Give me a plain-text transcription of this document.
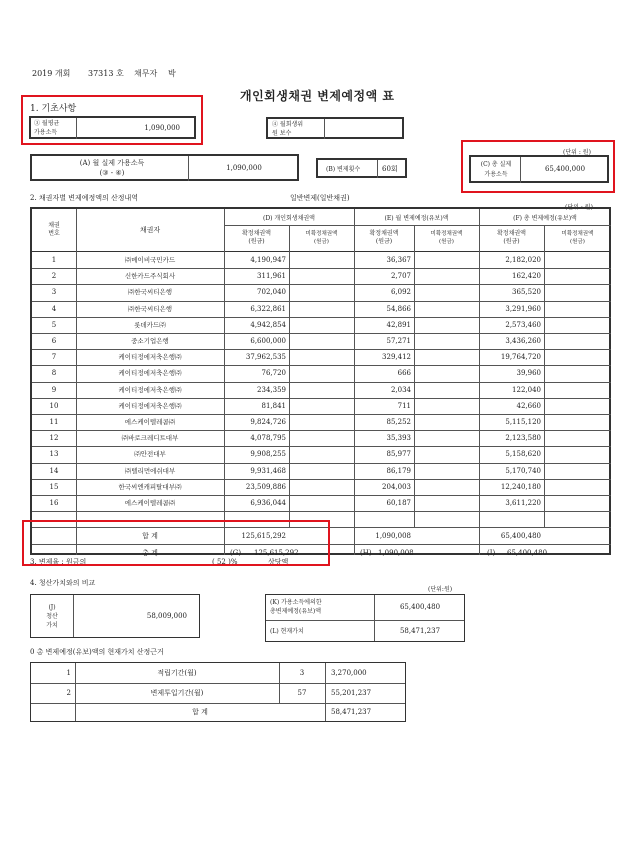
2019 개회 37313 호 채무자 박
개인회생채권 변제예정액 표
1. 기초사항
③ 월평균
가용소득
1,090,000	④ 월회생위
원 보수
(A) 월 실제 가용소득
(③ - ④)
1,090,000	(B) 변제횟수	60회
(단위 : 원)
(C) 총 실제
가용소득
65,400,000
2. 채권자별 변제예정액의 산정내역	일반변제(일반채권)
(단위 : 원)
채권
번호	채권자
(D) 개인회생채권액	(E) 월 변제예정(유보)액	(F) 총 변제예정(유보)액
확정채권액
(원금)
미확정채권액
(원금)
확정채권액
(원금)
미확정채권액
(원금)
확정채권액
(원금)
미확정채권액
(원금)
1	㈜메이비국민카드	4,190,947	36,367	2,182,020
2	신한카드주식회사	311,961	2,707	162,420
3	㈜한국씨티은행	702,040	6,092	365,520
4	㈜한국씨티은행	6,322,861	54,866	3,291,960
5	롯데카드㈜	4,942,854	42,891	2,573,460
6	중소기업은행	6,600,000	57,271	3,436,260
7	케이티정에저축은행㈜	37,962,535	329,412	19,764,720
8	케이티정에저축은행㈜	76,720	666	39,960
9	케이티정에저축은행㈜	234,359	2,034	122,040
10	케이티정에저축은행㈜	81,841	711	42,660
11	에스케이텔레콤㈜	9,824,726	85,252	5,115,120
12	㈜바로크레디트대부	4,078,795	35,393	2,123,580
13	㈜안전대부	9,908,255	85,977	5,158,620
14	㈜텔리먼에쉬대부	9,931,468	86,179	5,170,740
15	한국씨엔캐피탈대부㈜	23,509,886	204,003	12,240,180
16	에스케이텔레콤㈜	6,936,044	60,187	3,611,220
합 계	125,615,292	1,090,008	65,400,480
총 계	(G) 125,615,292	(H) 1,090,008	(I) 65,400,480
3. 변제율 : 원금의	( 52 )%	상당액
4. 청산가치와의 비교
(단위:원)
(J)
청산
가치
58,009,000
(K) 가용소득에의한
총변제예정(유보)액
65,400,480
(L) 현재가치	58,471,237
0 총 변제예정(유보)액의 현재가치 산정근거
1	적립기간(월)	3	3,270,000
2	변제투입기간(월)	57	55,201,237
합 계	58,471,237
